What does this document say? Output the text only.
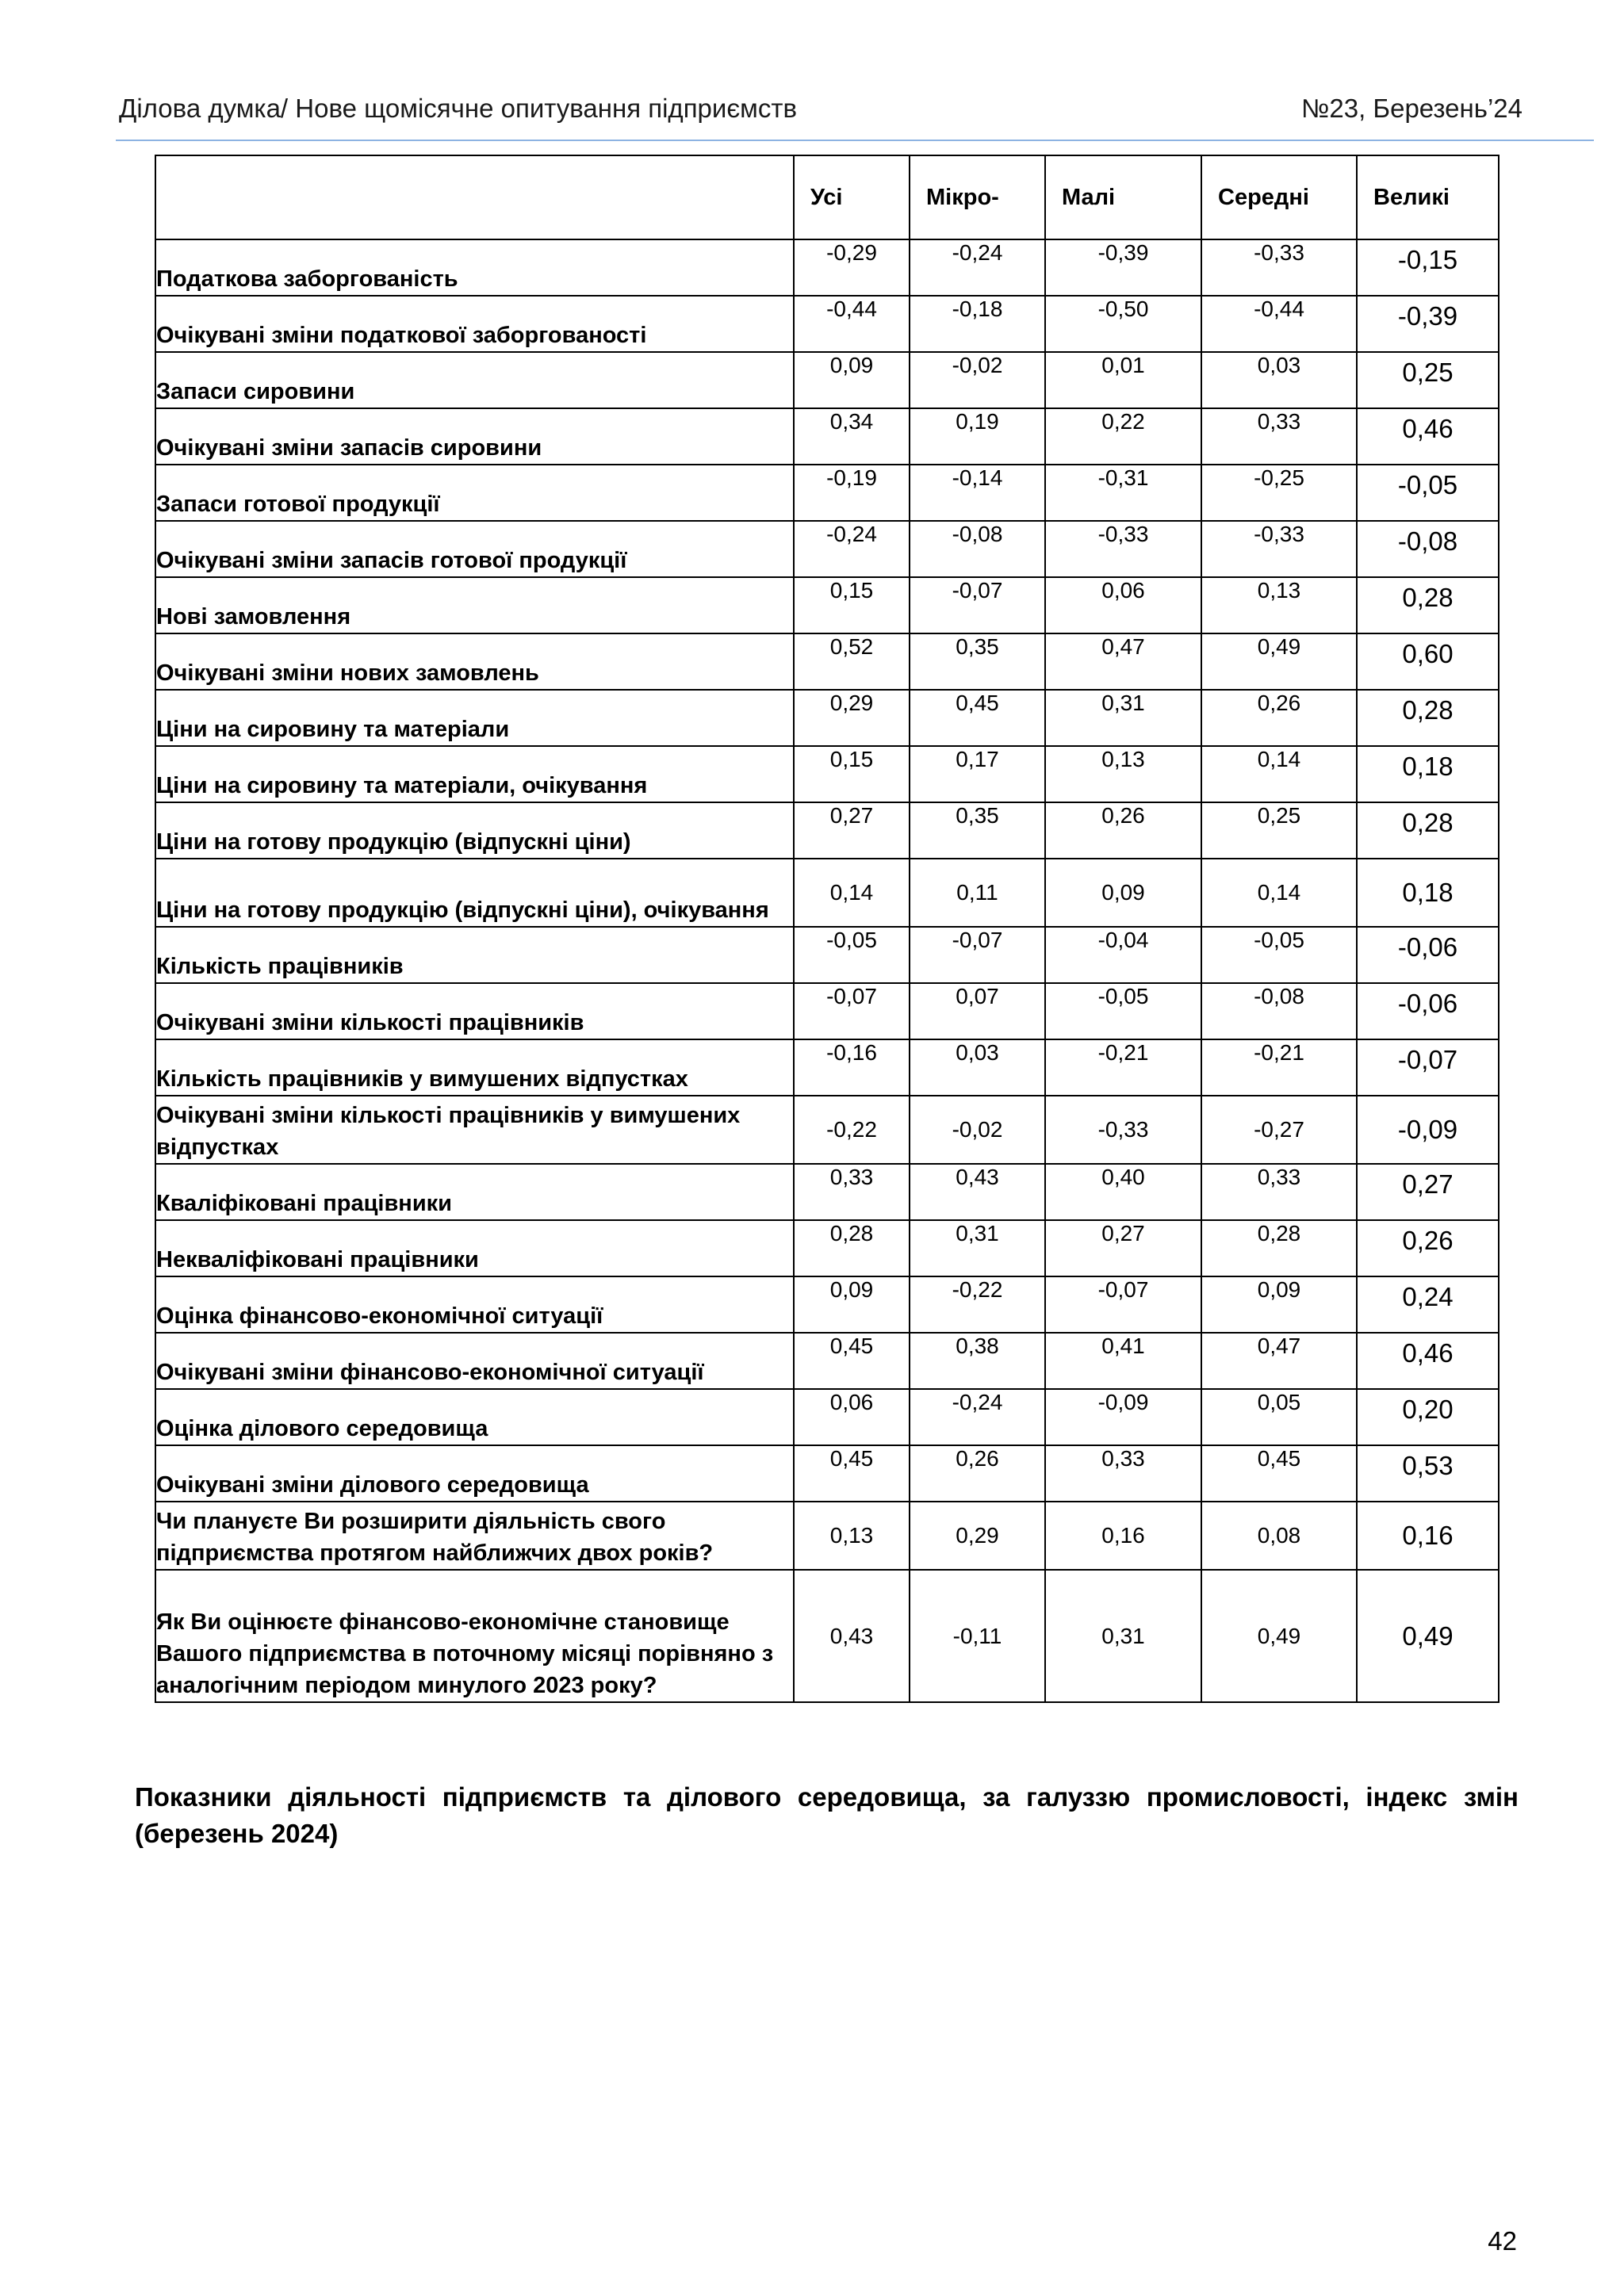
Ділова думка/ Нове щомісячне опитування підприємств	№23, Березень’24
	Усі	Мікро-	Малі	Середні	Великі
Податкова заборгованість	-0,29	-0,24	-0,39	-0,33	-0,15
Очікувані зміни податкової заборгованості	-0,44	-0,18	-0,50	-0,44	-0,39
Запаси сировини	0,09	-0,02	0,01	0,03	0,25
Очікувані зміни запасів сировини	0,34	0,19	0,22	0,33	0,46
Запаси готової продукції	-0,19	-0,14	-0,31	-0,25	-0,05
Очікувані зміни запасів готової продукції	-0,24	-0,08	-0,33	-0,33	-0,08
Нові замовлення	0,15	-0,07	0,06	0,13	0,28
Очікувані зміни нових замовлень	0,52	0,35	0,47	0,49	0,60
Ціни на сировину та матеріали	0,29	0,45	0,31	0,26	0,28
Ціни на сировину та матеріали, очікування	0,15	0,17	0,13	0,14	0,18
Ціни на готову продукцію (відпускні ціни)	0,27	0,35	0,26	0,25	0,28
Ціни на готову продукцію (відпускні ціни), очікування	0,14	0,11	0,09	0,14	0,18
Кількість працівників	-0,05	-0,07	-0,04	-0,05	-0,06
Очікувані зміни кількості працівників	-0,07	0,07	-0,05	-0,08	-0,06
Кількість працівників у вимушених відпустках	-0,16	0,03	-0,21	-0,21	-0,07
Очікувані зміни кількості працівників у вимушених відпустках	-0,22	-0,02	-0,33	-0,27	-0,09
Кваліфіковані працівники	0,33	0,43	0,40	0,33	0,27
Некваліфіковані працівники	0,28	0,31	0,27	0,28	0,26
Оцінка фінансово-економічної ситуації	0,09	-0,22	-0,07	0,09	0,24
Очікувані зміни фінансово-економічної ситуації	0,45	0,38	0,41	0,47	0,46
Оцінка ділового середовища	0,06	-0,24	-0,09	0,05	0,20
Очікувані зміни ділового середовища	0,45	0,26	0,33	0,45	0,53
Чи плануєте Ви розширити діяльність свого підприємства протягом найближчих двох років?	0,13	0,29	0,16	0,08	0,16
Як Ви оцінюєте фінансово-економічне становище Вашого підприємства в поточному місяці порівняно з аналогічним періодом минулого 2023 року?	0,43	-0,11	0,31	0,49	0,49
Показники діяльності підприємств та ділового середовища, за галуззю промисловості, індекс змін (березень 2024)
42
